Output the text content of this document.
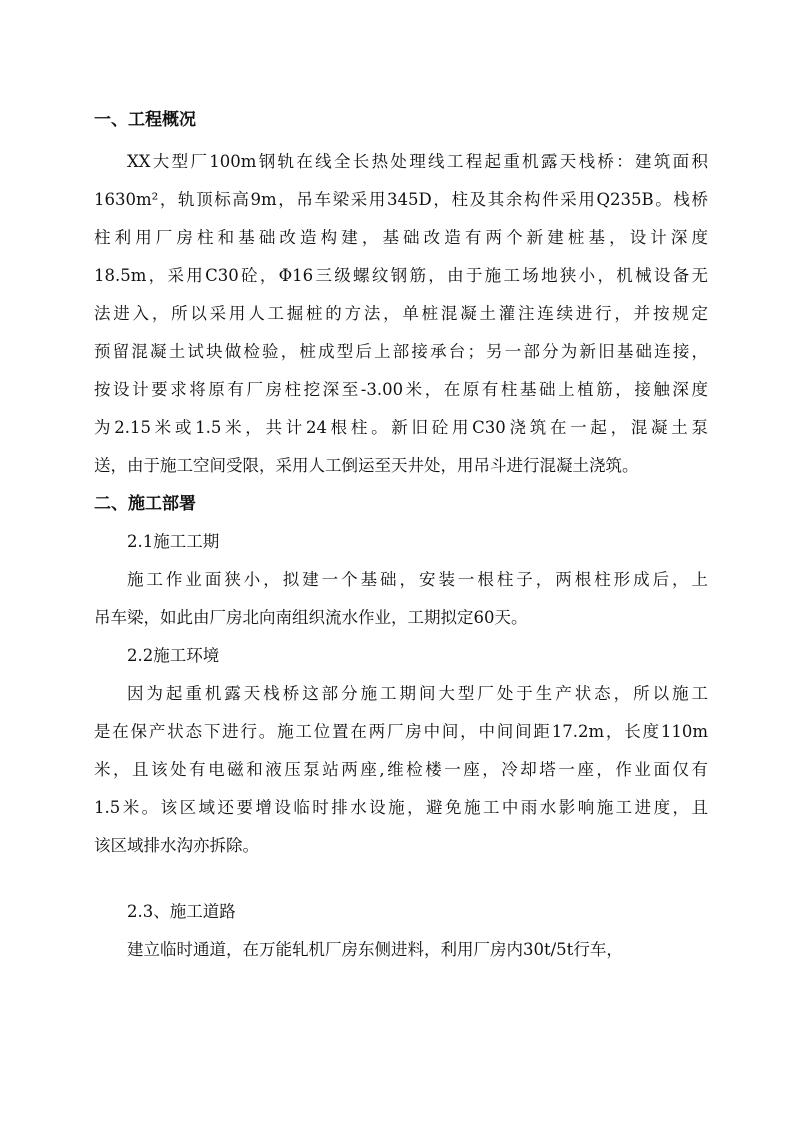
一、工程概况
XX大型厂100m钢轨在线全长热处理线工程起重机露天栈桥：建筑面积
1630m²，轨顶标高9m，吊车梁采用345D，柱及其余构件采用Q235B。栈桥
柱利用厂房柱和基础改造构建，基础改造有两个新建桩基，设计深度
18.5m，采用C30砼，Φ16三级螺纹钢筋，由于施工场地狭小，机械设备无
法进入，所以采用人工掘桩的方法，单桩混凝土灌注连续进行，并按规定
预留混凝土试块做检验，桩成型后上部接承台；另一部分为新旧基础连接，
按设计要求将原有厂房柱挖深至-3.00米，在原有柱基础上植筋，接触深度
为2.15米或1.5米，共计24根柱。新旧砼用C30浇筑在一起，混凝土泵
送，由于施工空间受限，采用人工倒运至天井处，用吊斗进行混凝土浇筑。
二、施工部署
2.1施工工期
施工作业面狭小，拟建一个基础，安装一根柱子，两根柱形成后，上
吊车梁，如此由厂房北向南组织流水作业，工期拟定60天。
2.2施工环境
因为起重机露天栈桥这部分施工期间大型厂处于生产状态，所以施工
是在保产状态下进行。施工位置在两厂房中间，中间间距17.2m，长度110m
米，且该处有电磁和液压泵站两座,维检楼一座，冷却塔一座，作业面仅有
1.5米。该区域还要增设临时排水设施，避免施工中雨水影响施工进度，且
该区域排水沟亦拆除。
2.3、施工道路
建立临时通道，在万能轧机厂房东侧进料，利用厂房内30t/5t行车，
